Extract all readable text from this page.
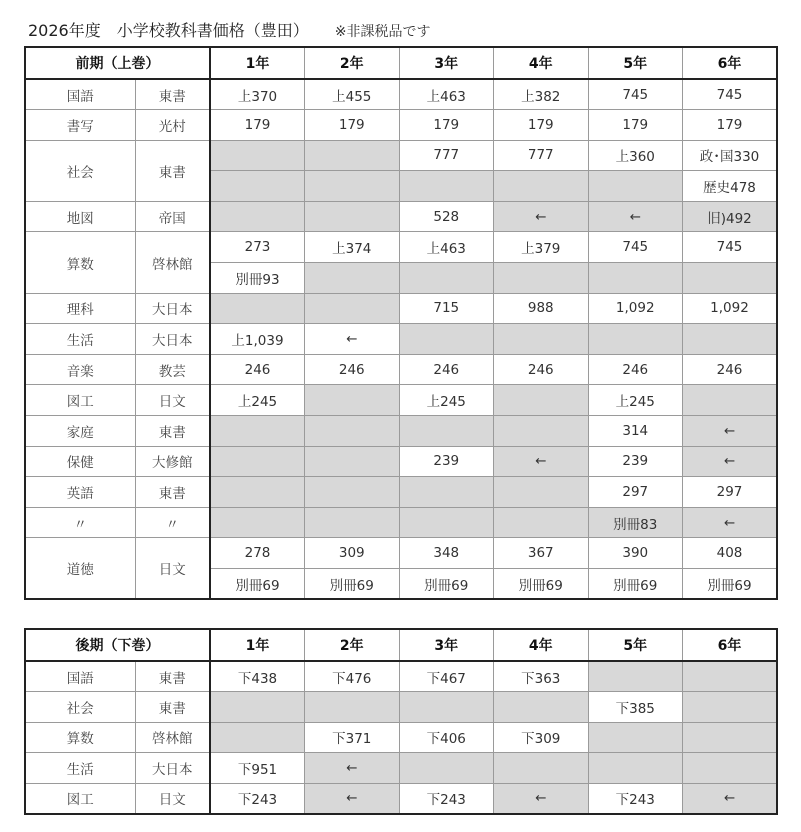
2026年度　小学校教科書価格（豊田） ※非課税品です
前期（上巻）		1年	2年	3年	4年	5年	6年
国語	東書	上370	上455	上463	上382	745	745
書写	光村	179	179	179	179	179	179
社会	東書			777	777	上360	政･国330
							歴史478
地図	帝国			528	←	←	旧)492
算数	啓林館	273	上374	上463	上379	745	745
		別冊93					
理科	大日本			715	988	1,092	1,092
生活	大日本	上1,039	←				
音楽	教芸	246	246	246	246	246	246
図工	日文	上245		上245		上245	
家庭	東書					314	←
保健	大修館			239	←	239	←
英語	東書					297	297
〃	〃					別冊83	←
道徳	日文	278	309	348	367	390	408
		別冊69	別冊69	別冊69	別冊69	別冊69	別冊69
後期（下巻）		1年	2年	3年	4年	5年	6年
国語	東書	下438	下476	下467	下363		
社会	東書					下385	
算数	啓林館		下371	下406	下309		
生活	大日本	下951	←				
図工	日文	下243	←	下243	←	下243	←
